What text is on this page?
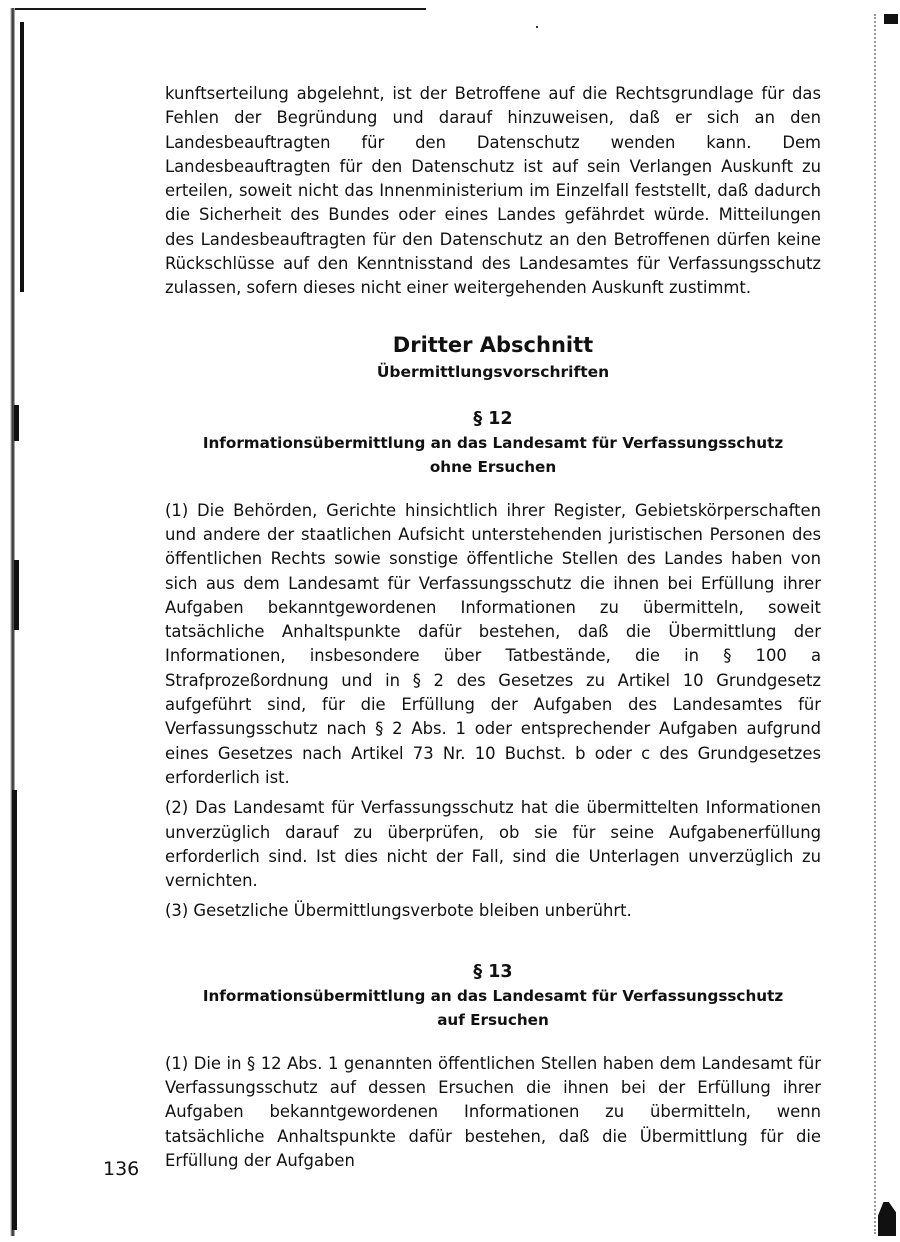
kunftserteilung abgelehnt, ist der Betroffene auf die Rechtsgrundlage für das Fehlen der Begründung und darauf hinzuweisen, daß er sich an den Landesbeauftragten für den Datenschutz wenden kann. Dem Landesbeauftragten für den Datenschutz ist auf sein Verlangen Auskunft zu erteilen, soweit nicht das Innenministerium im Einzelfall feststellt, daß dadurch die Sicherheit des Bundes oder eines Landes gefährdet würde. Mitteilungen des Landesbeauftragten für den Datenschutz an den Betroffenen dürfen keine Rückschlüsse auf den Kenntnisstand des Landesamtes für Verfassungsschutz zulassen, sofern dieses nicht einer weitergehenden Auskunft zustimmt.

Dritter Abschnitt
Übermittlungsvorschriften
§ 12
Informationsübermittlung an das Landesamt für Verfassungsschutz
ohne Ersuchen

(1) Die Behörden, Gerichte hinsichtlich ihrer Register, Gebietskörperschaften und andere der staatlichen Aufsicht unterstehenden juristischen Personen des öffentlichen Rechts sowie sonstige öffentliche Stellen des Landes haben von sich aus dem Landesamt für Verfassungsschutz die ihnen bei Erfüllung ihrer Aufgaben bekanntgewordenen Informationen zu übermitteln, soweit tatsächliche Anhaltspunkte dafür bestehen, daß die Übermittlung der Informationen, insbesondere über Tatbestände, die in § 100 a Strafprozeßordnung und in § 2 des Gesetzes zu Artikel 10 Grundgesetz aufgeführt sind, für die Erfüllung der Aufgaben des Landesamtes für Verfassungsschutz nach § 2 Abs. 1 oder entsprechender Aufgaben aufgrund eines Gesetzes nach Artikel 73 Nr. 10 Buchst. b oder c des Grundgesetzes erforderlich ist.

(2) Das Landesamt für Verfassungsschutz hat die übermittelten Informationen unverzüglich darauf zu überprüfen, ob sie für seine Aufgabenerfüllung erforderlich sind. Ist dies nicht der Fall, sind die Unterlagen unverzüglich zu vernichten.

(3) Gesetzliche Übermittlungsverbote bleiben unberührt.

§ 13
Informationsübermittlung an das Landesamt für Verfassungsschutz
auf Ersuchen

(1) Die in § 12 Abs. 1 genannten öffentlichen Stellen haben dem Landesamt für Verfassungsschutz auf dessen Ersuchen die ihnen bei der Erfüllung ihrer Aufgaben bekanntgewordenen Informationen zu übermitteln, wenn tatsächliche Anhaltspunkte dafür bestehen, daß die Übermittlung für die Erfüllung der Aufgaben

136
